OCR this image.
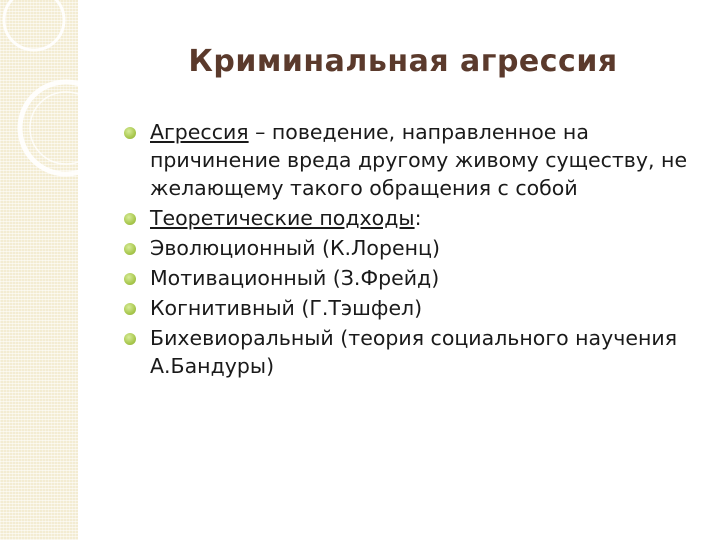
Криминальная агрессия
Агрессия – поведение, направленное на причинение вреда другому живому существу, не желающему такого обращения с собой
Теоретические подходы:
Эволюционный (К.Лоренц)
Мотивационный (З.Фрейд)
Когнитивный (Г.Тэшфел)
Бихевиоральный (теория социального научения А.Бандуры)
